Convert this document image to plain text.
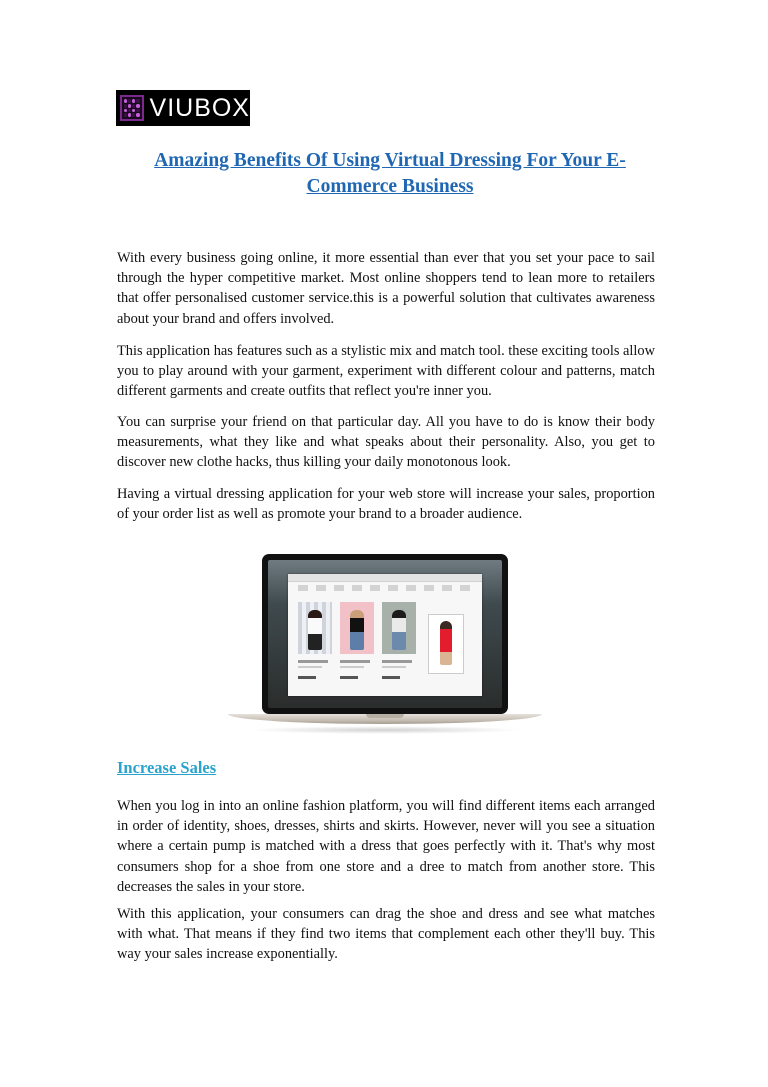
VIUBOX
Amazing Benefits Of Using Virtual Dressing For Your E-Commerce Business

With every business going online, it more essential than ever that you set your pace to sail through the hyper competitive market. Most online shoppers tend to lean more to retailers that offer personalised customer service.this is a powerful solution that cultivates awareness about your brand and offers involved.

This application has features such as a stylistic mix and match tool. these exciting tools allow you to play around with your garment, experiment with different colour and patterns, match different garments and create outfits that reflect you're inner you.

You can surprise your friend on that particular day. All you have to do is know their body measurements, what they like and what speaks about their personality. Also, you get to discover new clothe hacks, thus killing your daily monotonous look.

Having a virtual dressing application for your web store will increase your sales, proportion of your order list as well as promote your brand to a broader audience.

Increase Sales

When you log in into an online fashion platform, you will find different items each arranged in order of identity, shoes, dresses, shirts and skirts. However, never will you see a situation where a certain pump is matched with a dress that goes perfectly with it. That's why most consumers shop for a shoe from one store and a dree to match from another store. This decreases the sales in your store.

With this application, your consumers can drag the shoe and dress and see what matches with what. That means if they find two items that complement each other they'll buy. This way your sales increase exponentially.
